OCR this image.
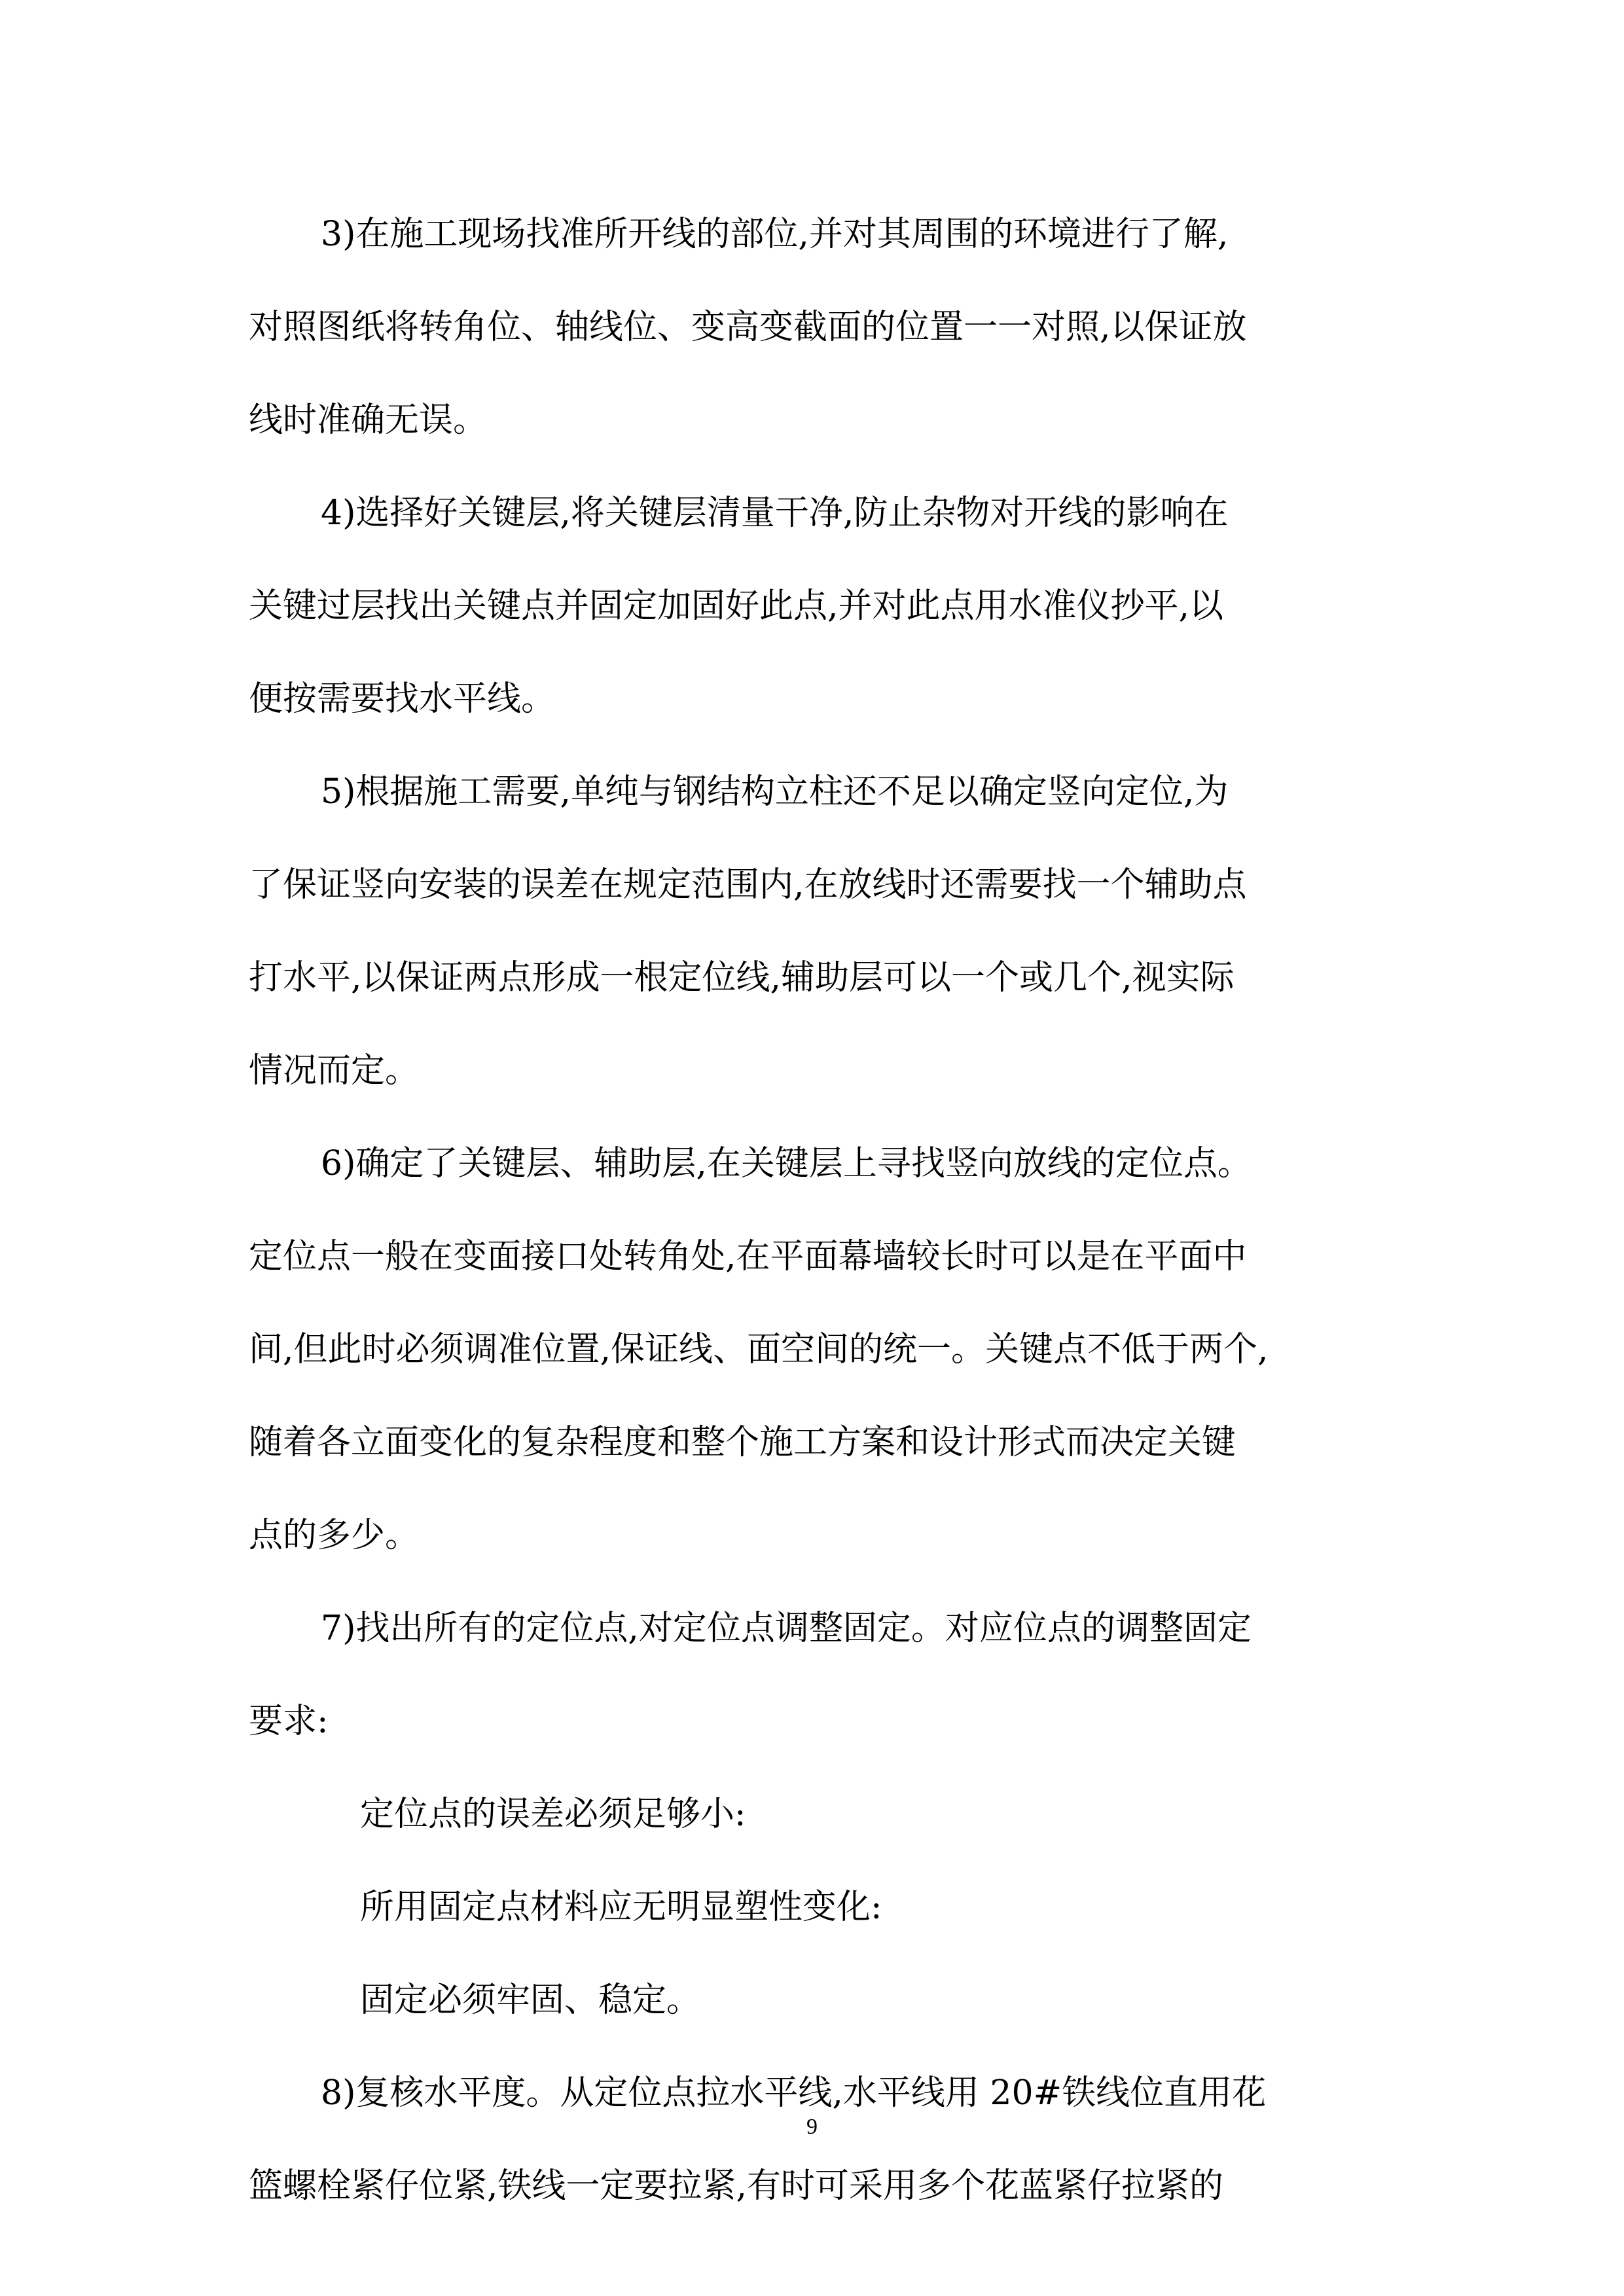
3)在施工现场找准所开线的部位,并对其周围的环境进行了解,
对照图纸将转角位、轴线位、变高变截面的位置一一对照,以保证放
线时准确无误。
4)选择好关键层,将关键层清量干净,防止杂物对开线的影响在
关键过层找出关键点并固定加固好此点,并对此点用水准仪抄平,以
便按需要找水平线。
5)根据施工需要,单纯与钢结构立柱还不足以确定竖向定位,为
了保证竖向安装的误差在规定范围内,在放线时还需要找一个辅助点
打水平,以保证两点形成一根定位线,辅助层可以一个或几个,视实际
情况而定。
6)确定了关键层、辅助层,在关键层上寻找竖向放线的定位点。
定位点一般在变面接口处转角处,在平面幕墙较长时可以是在平面中
间,但此时必须调准位置,保证线、面空间的统一。关键点不低于两个,
随着各立面变化的复杂程度和整个施工方案和设计形式而决定关键
点的多少。
7)找出所有的定位点,对定位点调整固定。对应位点的调整固定
要求:
定位点的误差必须足够小:
所用固定点材料应无明显塑性变化:
固定必须牢固、稳定。
8)复核水平度。从定位点拉水平线,水平线用 20#铁线位直用花
篮螺栓紧仔位紧,铁线一定要拉紧,有时可采用多个花蓝紧仔拉紧的
9
